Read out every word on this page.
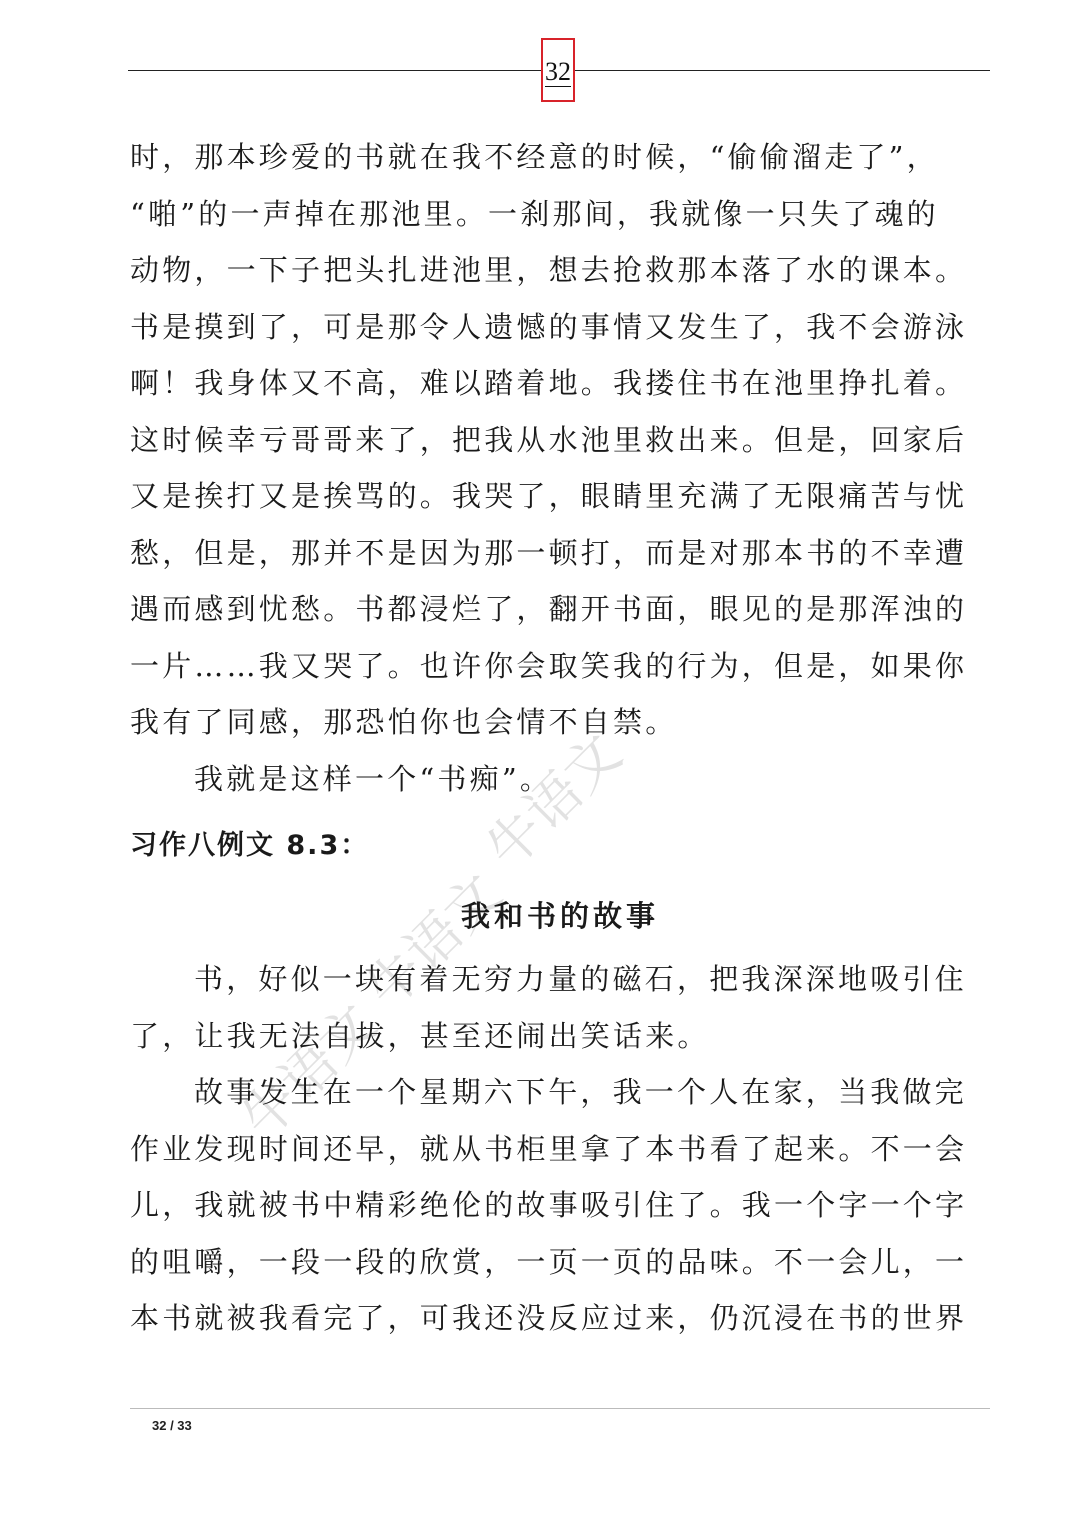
32
牛语文
牛语文
牛语文
时，那本珍爱的书就在我不经意的时候，“偷偷溜走了”，
“啪”的一声掉在那池里。一刹那间，我就像一只失了魂的
动物，一下子把头扎进池里，想去抢救那本落了水的课本。
书是摸到了，可是那令人遗憾的事情又发生了，我不会游泳
啊！我身体又不高，难以踏着地。我搂住书在池里挣扎着。
这时候幸亏哥哥来了，把我从水池里救出来。但是，回家后
又是挨打又是挨骂的。我哭了，眼睛里充满了无限痛苦与忧
愁，但是，那并不是因为那一顿打，而是对那本书的不幸遭
遇而感到忧愁。书都浸烂了，翻开书面，眼见的是那浑浊的
一片……我又哭了。也许你会取笑我的行为，但是，如果你
我有了同感，那恐怕你也会情不自禁。
我就是这样一个“书痴”。
习作八例文 8.3：
我和书的故事
书，好似一块有着无穷力量的磁石，把我深深地吸引住
了，让我无法自拔，甚至还闹出笑话来。
故事发生在一个星期六下午，我一个人在家，当我做完
作业发现时间还早，就从书柜里拿了本书看了起来。不一会
儿，我就被书中精彩绝伦的故事吸引住了。我一个字一个字
的咀嚼，一段一段的欣赏，一页一页的品味。不一会儿，一
本书就被我看完了，可我还没反应过来，仍沉浸在书的世界
32 / 33
